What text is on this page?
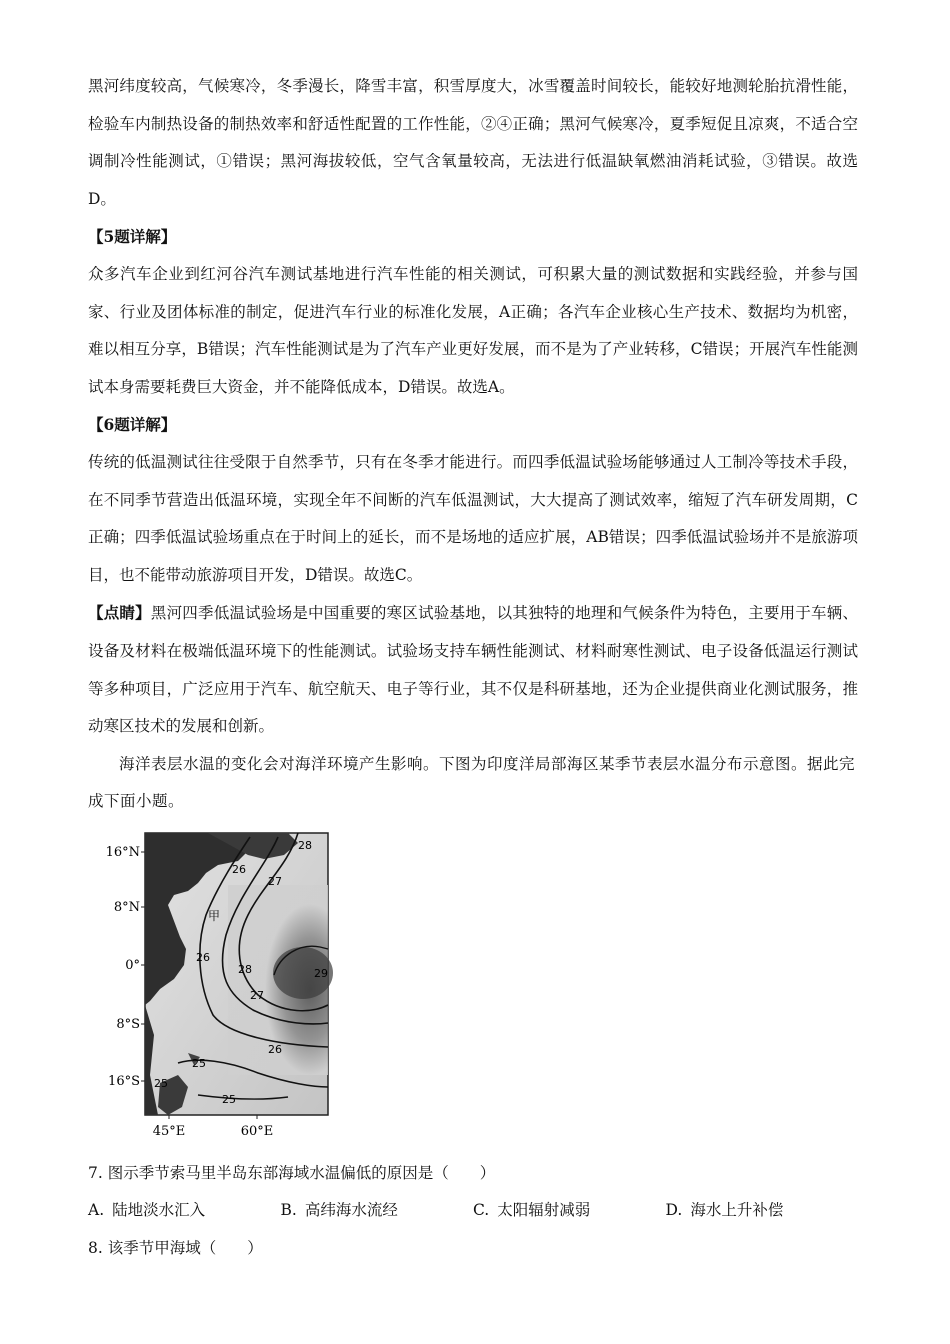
黑河纬度较高，气候寒冷，冬季漫长，降雪丰富，积雪厚度大，冰雪覆盖时间较长，能较好地测轮胎抗滑性能，检验车内制热设备的制热效率和舒适性配置的工作性能，②④正确；黑河气候寒冷，夏季短促且凉爽，不适合空调制冷性能测试，①错误；黑河海拔较低，空气含氧量较高，无法进行低温缺氧燃油消耗试验，③错误。故选D。

【5题详解】

众多汽车企业到红河谷汽车测试基地进行汽车性能的相关测试，可积累大量的测试数据和实践经验，并参与国家、行业及团体标准的制定，促进汽车行业的标准化发展，A正确；各汽车企业核心生产技术、数据均为机密，难以相互分享，B错误；汽车性能测试是为了汽车产业更好发展，而不是为了产业转移，C错误；开展汽车性能测试本身需要耗费巨大资金，并不能降低成本，D错误。故选A。

【6题详解】

传统的低温测试往往受限于自然季节，只有在冬季才能进行。而四季低温试验场能够通过人工制冷等技术手段，在不同季节营造出低温环境，实现全年不间断的汽车低温测试，大大提高了测试效率，缩短了汽车研发周期，C正确；四季低温试验场重点在于时间上的延长，而不是场地的适应扩展，AB错误；四季低温试验场并不是旅游项目，也不能带动旅游项目开发，D错误。故选C。

【点睛】黑河四季低温试验场是中国重要的寒区试验基地，以其独特的地理和气候条件为特色，主要用于车辆、设备及材料在极端低温环境下的性能测试。试验场支持车辆性能测试、材料耐寒性测试、电子设备低温运行测试等多种项目，广泛应用于汽车、航空航天、电子等行业，其不仅是科研基地，还为企业提供商业化测试服务，推动寒区技术的发展和创新。

海洋表层水温的变化会对海洋环境产生影响。下图为印度洋局部海区某季节表层水温分布示意图。据此完成下面小题。

28
26
27
28	29
26
27
26
25
25
25
甲
16°N
8°N
0°
8°S
16°S
45°E	60°E

7. 图示季节索马里半岛东部海域水温偏低的原因是（　　）

A. 陆地淡水汇入	B. 高纬海水流经	C. 太阳辐射减弱	D. 海水上升补偿

8. 该季节甲海域（　　）
